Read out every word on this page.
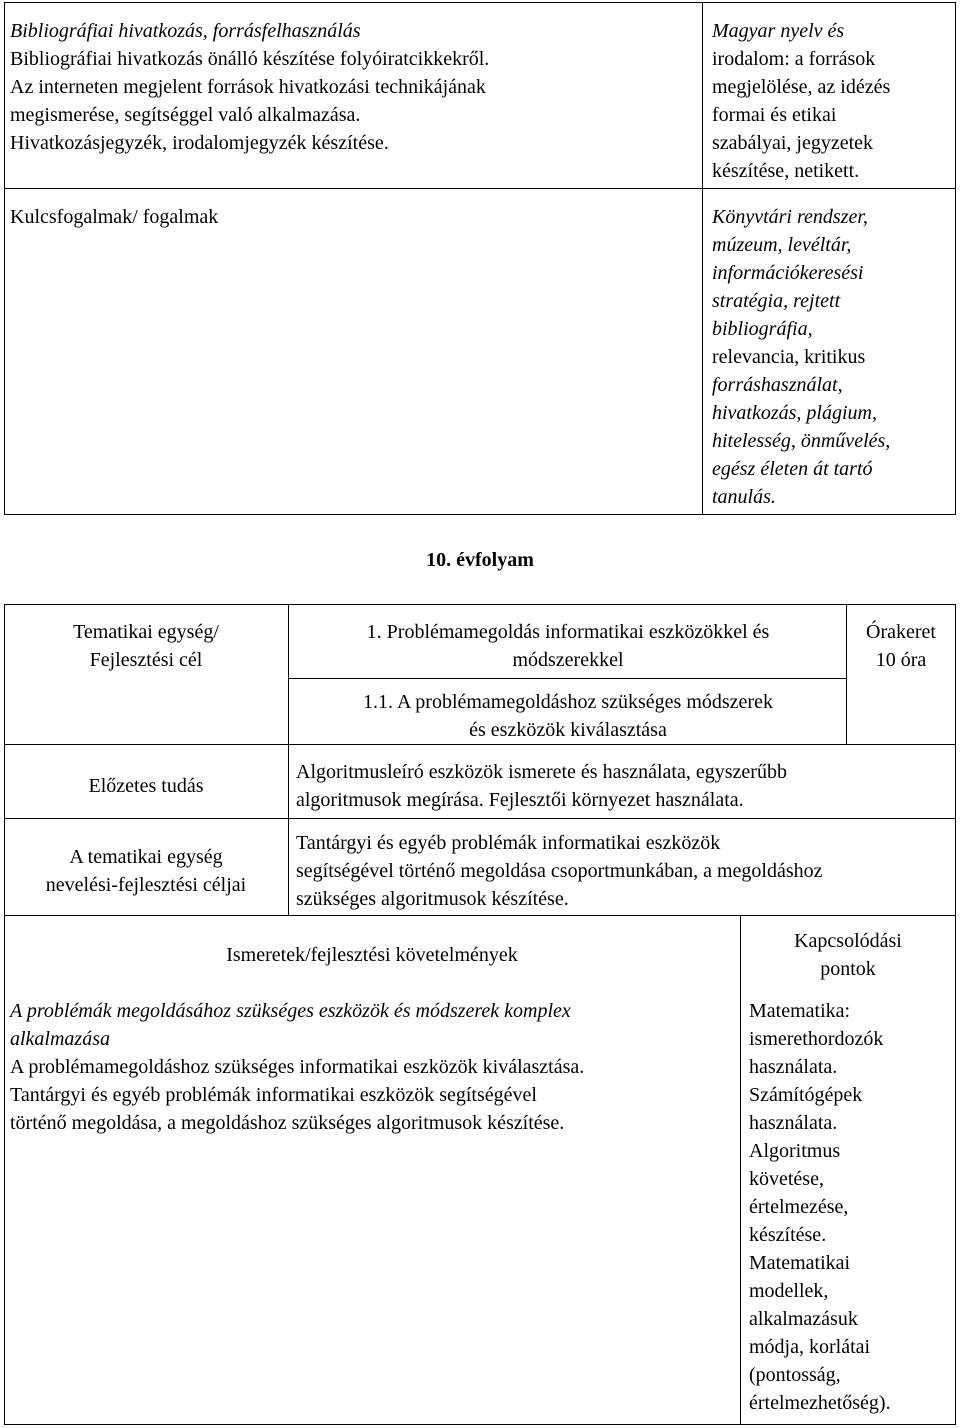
Bibliográfiai hivatkozás, forrásfelhasználás
Bibliográfiai hivatkozás önálló készítése folyóiratcikkekről.
Az interneten megjelent források hivatkozási technikájának
megismerése, segítséggel való alkalmazása.
Hivatkozásjegyzék, irodalomjegyzék készítése.
Magyar nyelv és
irodalom: a források
megjelölése, az idézés
formai és etikai
szabályai, jegyzetek
készítése, netikett.
Kulcsfogalmak/ fogalmak	Könyvtári rendszer,
múzeum, levéltár,
információkeresési
stratégia, rejtett
bibliográfia,
relevancia, kritikus
forráshasználat,
hivatkozás, plágium,
hitelesség, önművelés,
egész életen át tartó
tanulás.
10. évfolyam
Tematikai egység/
Fejlesztési cél
1. Problémamegoldás informatikai eszközökkel és
módszerekkel
Órakeret
10 óra
1.1. A problémamegoldáshoz szükséges módszerek
és eszközök kiválasztása
Előzetes tudás
Algoritmusleíró eszközök ismerete és használata, egyszerűbb
algoritmusok megírása. Fejlesztői környezet használata.
A tematikai egység
nevelési-fejlesztési céljai
Tantárgyi és egyéb problémák informatikai eszközök
segítségével történő megoldása csoportmunkában, a megoldáshoz
szükséges algoritmusok készítése.
Ismeretek/fejlesztési követelmények
Kapcsolódási
pontok
A problémák megoldásához szükséges eszközök és módszerek komplex
alkalmazása
A problémamegoldáshoz szükséges informatikai eszközök kiválasztása.
Tantárgyi és egyéb problémák informatikai eszközök segítségével
történő megoldása, a megoldáshoz szükséges algoritmusok készítése.
Matematika:
ismerethordozók
használata.
Számítógépek
használata.
Algoritmus
követése,
értelmezése,
készítése.
Matematikai
modellek,
alkalmazásuk
módja, korlátai
(pontosság,
értelmezhetőség).
